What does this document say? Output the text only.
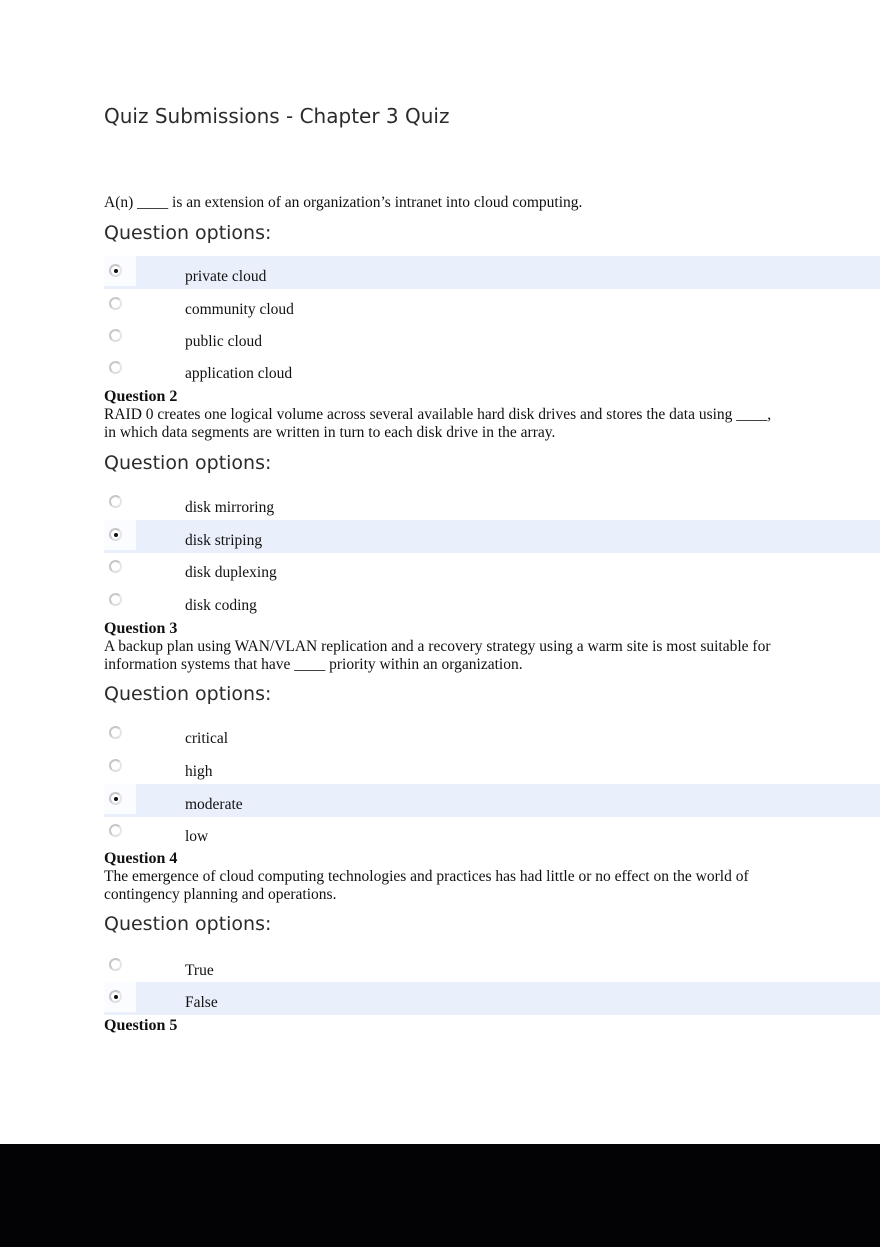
Quiz Submissions - Chapter 3 Quiz

A(n) ____ is an extension of an organization’s intranet into cloud computing.

Question options:
private cloud
community cloud
public cloud
application cloud

Question 2

RAID 0 creates one logical volume across several available hard disk drives and stores the data using ____, in which data segments are written in turn to each disk drive in the array.

Question options:
disk mirroring
disk striping
disk duplexing
disk coding

Question 3

A backup plan using WAN/VLAN replication and a recovery strategy using a warm site is most suitable for information systems that have ____ priority within an organization.

Question options:
critical
high
moderate
low

Question 4

The emergence of cloud computing technologies and practices has had little or no effect on the world of contingency planning and operations.

Question options:
True
False

Question 5
